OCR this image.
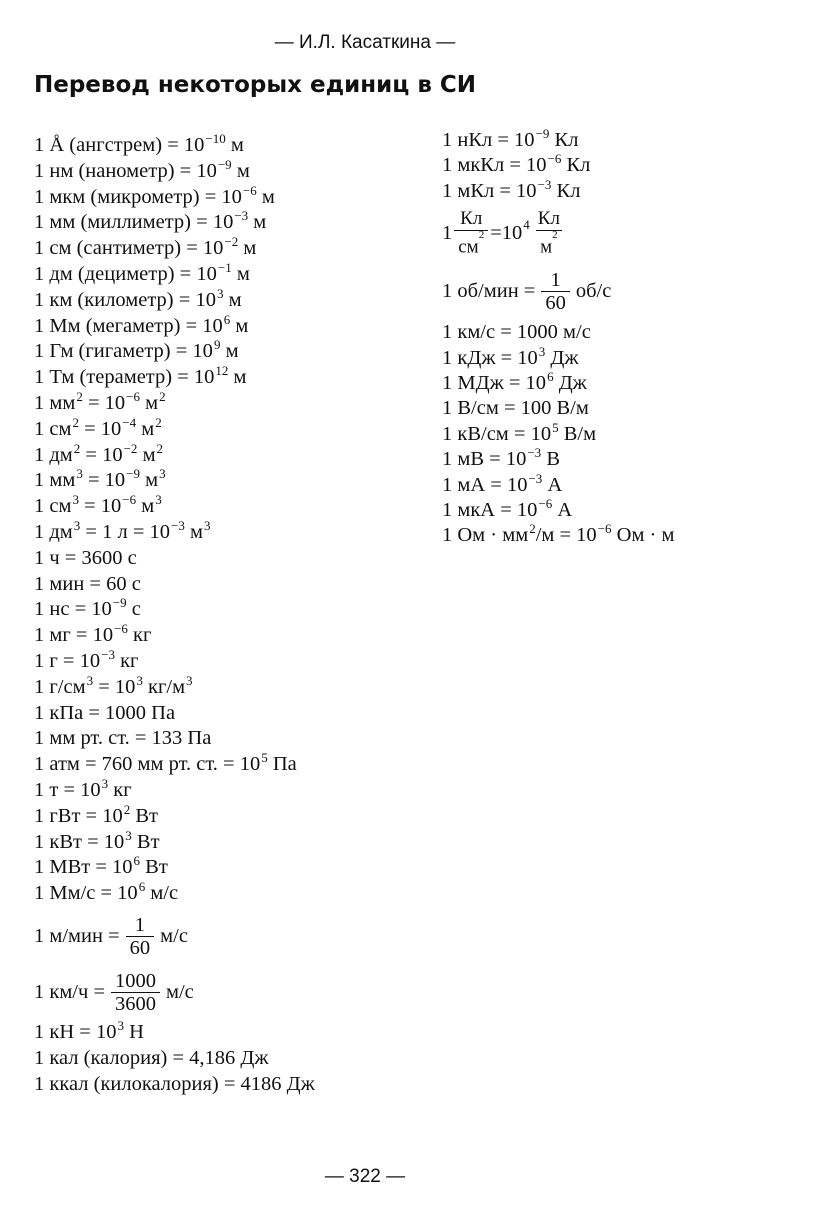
— И.Л. Касаткина —
Перевод некоторых единиц в СИ
1 Å (ангстрем) = $10^{-10}$ м
1 нм (нанометр) = $10^{-9}$ м
1 мкм (микрометр) = $10^{-6}$ м
1 мм (миллиметр) = $10^{-3}$ м
1 см (сантиметр) = $10^{-2}$ м
1 дм (дециметр) = $10^{-1}$ м
1 км (километр) = $10^3$ м
1 Мм (мегаметр) = $10^6$ м
1 Гм (гигаметр) = $10^9$ м
1 Тм (тераметр) = $10^{12}$ м
1 $мм^2 = 10^{-6}$ $м^2$
1 $см^2 = 10^{-4}$ $м^2$
1 $дм^2 = 10^{-2}$ $м^2$
1 $мм^3 = 10^{-9}$ $м^3$
1 $см^3 = 10^{-6}$ $м^3$
1 $дм^3 = 1$ $л = 10^{-3}$ $м^3$
1 ч = 3600 с
1 мин = 60 с
1 нс = $10^{-9}$ с
1 мг = $10^{-6}$ кг
1 $г = 10^{-3}$ кг
1 $г/см^3 = 10^3$ $кг/м^3$
1 кПа = 1000 Па
1 мм рт. ст. = 133 Па
1 атм = 760 мм рт. ст. = $10^5$ Па
1 $т = 10^3$ кг
1 гВт = $10^2$ Вт
1 кВт = $10^3$ Вт
1 МВт = $10^6$ Вт
1 $Мм/с = 10^6$ м/с
1 $м/мин = \frac{1}{60} м/с$
1 $км/ч = \frac{1000}{3600} м/с$
1 кН = $10^3$ Н
1 кал (калория) = 4,186 Дж
1 ккал (килокалория) = 4186 Дж
1 нКл = $10^{-9}$ Кл
1 мкКл = $10^{-6}$ Кл
1 мКл = $10^{-3}$ Кл
$1 \frac{Кл}{см^2} =10$ $4 \frac{Кл}{м^2}$
1 $об/мин = \frac{1}{60} об/с$
1 км/с = 1000 м/с
1 кДж = $10^3$ Дж
1 МДж = $10^6$ Дж
1 В/см = 100 В/м
1 $кВ/см = 10^5$ В/м
1 мВ = $10^{-3}$ В
1 мА = $10^{-3}$ А
1 мкА = $10^{-6}$ А
1 Ом · $мм^2/м = 10^{-6}$ Ом · м
— 322 —
